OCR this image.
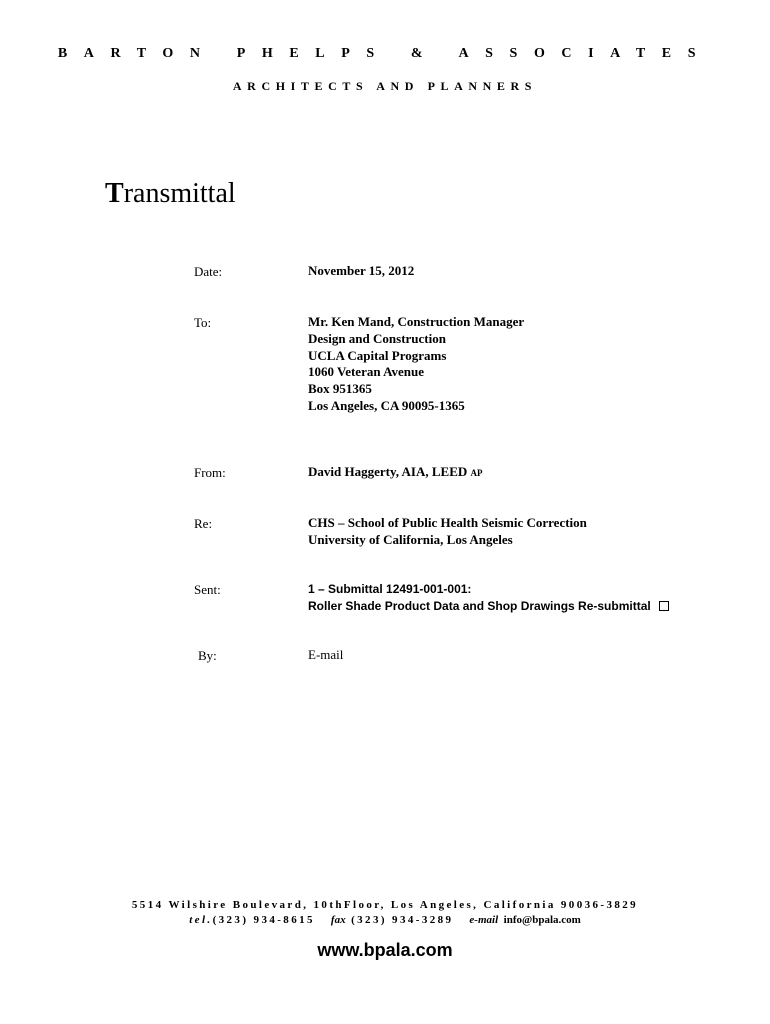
BARTON PHELPS & ASSOCIATES
ARCHITECTS AND PLANNERS
Transmittal
Date:	November 15, 2012
To:	Mr. Ken Mand, Construction Manager
Design and Construction
UCLA Capital Programs
1060 Veteran Avenue
Box 951365
Los Angeles, CA 90095-1365
From:	David Haggerty, AIA, LEED AP
Re:	CHS – School of Public Health Seismic Correction
University of California, Los Angeles
Sent:	1 – Submittal 12491-001-001:
Roller Shade Product Data and Shop Drawings Re-submittal
By:	E-mail
5514 Wilshire Boulevard, 10thFloor, Los Angeles, California 90036-3829
tel.(323) 934-8615 fax (323) 934-3289 e-mail info@bpala.com
www.bpala.com
